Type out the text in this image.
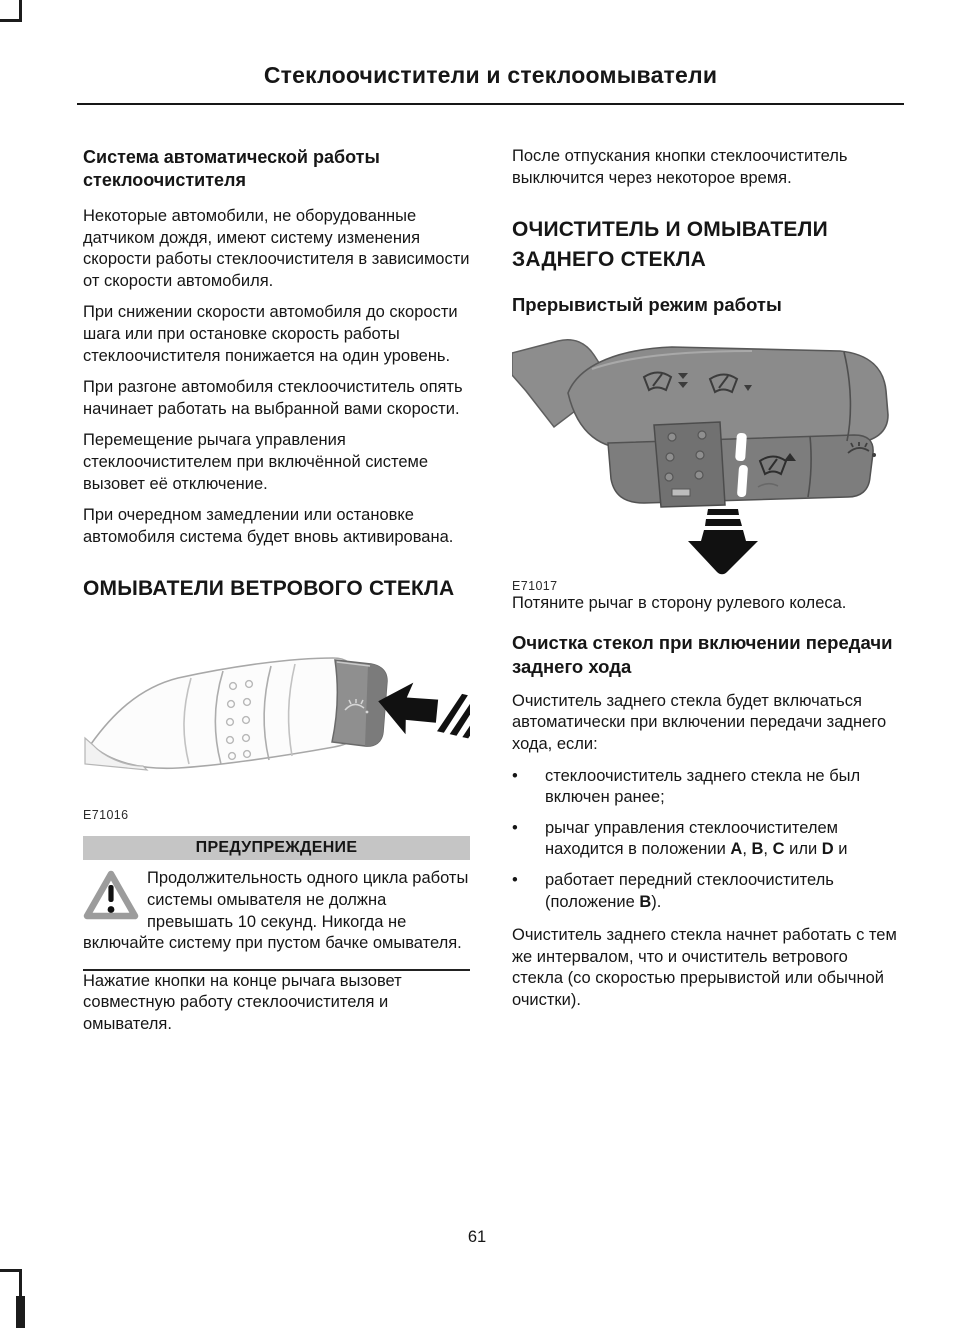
Стеклоочистители и стеклоомыватели
Система автоматической работы стеклоочистителя

Некоторые автомобили, не оборудованные датчиком дождя, имеют систему изменения скорости работы стеклоочистителя в зависимости от скорости автомобиля.

При снижении скорости автомобиля до скорости шага или при остановке скорость работы стеклоочистителя понижается на один уровень.

При разгоне автомобиля стеклоочиститель опять начинает работать на выбранной вами скорости.

Перемещение рычага управления стеклоочистителем при включённой системе вызовет её отключение.

При очередном замедлении или остановке автомобиля система будет вновь активирована.

ОМЫВАТЕЛИ ВЕТРОВОГО СТЕКЛА
E71016
ПРЕДУПРЕЖДЕНИЕ
Продолжительность одного цикла работы системы омывателя не должна превышать 10 секунд. Никогда не включайте систему при пустом бачке омывателя.

Нажатие кнопки на конце рычага вызовет совместную работу стеклоочистителя и омывателя.

После отпускания кнопки стеклоочиститель выключится через некоторое время.

ОЧИСТИТЕЛЬ И ОМЫВАТЕЛИ ЗАДНЕГО СТЕКЛА
Прерывистый режим работы
E71017

Потяните рычаг в сторону рулевого колеса.

Очистка стекол при включении передачи заднего хода

Очиститель заднего стекла будет включаться автоматически при включении передачи заднего хода, если:

•	стеклоочиститель заднего стекла не был включен ранее;
•	рычаг управления стеклоочистителем находится в положении A, B, C или D и
•	работает передний стеклоочиститель (положение B).

Очиститель заднего стекла начнет работать с тем же интервалом, что и очиститель ветрового стекла (со скоростью прерывистой или обычной очистки).

61
